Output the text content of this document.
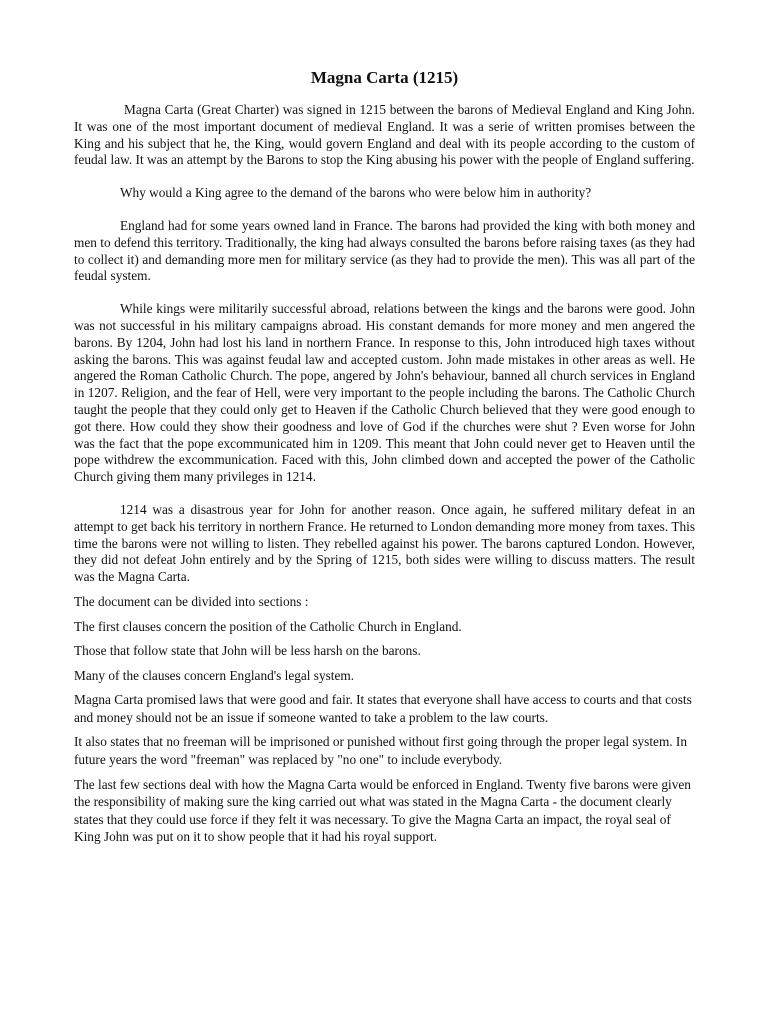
Magna Carta (1215)

Magna Carta (Great Charter) was signed in 1215 between the barons of Medieval England and King John. It was one of the most important document of medieval England. It was a serie of written promises between the King and his subject that he, the King, would govern England and deal with its people according to the custom of feudal law. It was an attempt by the Barons to stop the King abusing his power with the people of England suffering.

Why would a King agree to the demand of the barons who were below him in authority?

England had for some years owned land in France. The barons had provided the king with both money and men to defend this territory. Traditionally, the king had always consulted the barons before raising taxes (as they had to collect it) and demanding more men for military service (as they had to provide the men). This was all part of the feudal system.

While kings were militarily successful abroad, relations between the kings and the barons were good. John was not successful in his military campaigns abroad. His constant demands for more money and men angered the barons. By 1204, John had lost his land in northern France. In response to this, John introduced high taxes without asking the barons. This was against feudal law and accepted custom. John made mistakes in other areas as well. He angered the Roman Catholic Church. The pope, angered by John's behaviour, banned all church services in England in 1207. Religion, and the fear of Hell, were very important to the people including the barons. The Catholic Church taught the people that they could only get to Heaven if the Catholic Church believed that they were good enough to got there. How could they show their goodness and love of God if the churches were shut ? Even worse for John was the fact that the pope excommunicated him in 1209. This meant that John could never get to Heaven until the pope withdrew the excommunication. Faced with this, John climbed down and accepted the power of the Catholic Church giving them many privileges in 1214.

1214 was a disastrous year for John for another reason. Once again, he suffered military defeat in an attempt to get back his territory in northern France. He returned to London demanding more money from taxes. This time the barons were not willing to listen. They rebelled against his power. The barons captured London. However, they did not defeat John entirely and by the Spring of 1215, both sides were willing to discuss matters. The result was the Magna Carta.

The document can be divided into sections :

The first clauses concern the position of the Catholic Church in England.

Those that follow state that John will be less harsh on the barons.

Many of the clauses concern England's legal system.

Magna Carta promised laws that were good and fair. It states that everyone shall have access to courts and that costs and money should not be an issue if someone wanted to take a problem to the law courts.

It also states that no freeman will be imprisoned or punished without first going through the proper legal system. In future years the word "freeman" was replaced by "no one" to include everybody.

The last few sections deal with how the Magna Carta would be enforced in England. Twenty five barons were given the responsibility of making sure the king carried out what was stated in the Magna Carta - the document clearly states that they could use force if they felt it was necessary. To give the Magna Carta an impact, the royal seal of King John was put on it to show people that it had his royal support.
